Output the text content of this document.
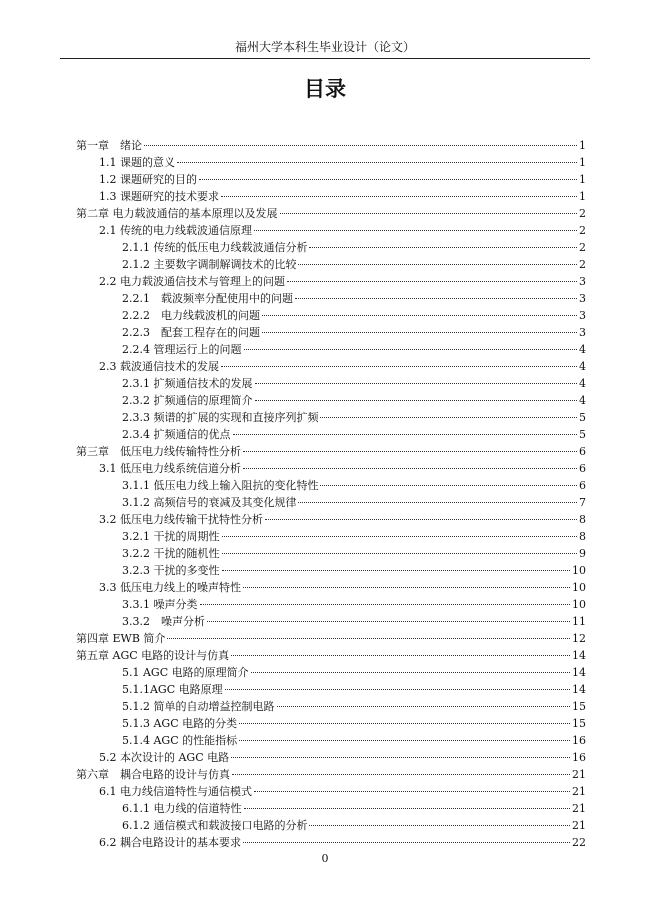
福州大学本科生毕业设计（论文）
目录
第一章　绪论	1
1.1 课题的意义	1
1.2 课题研究的目的	1
1.3 课题研究的技术要求	1
第二章 电力载波通信的基本原理以及发展	2
2.1 传统的电力线载波通信原理	2
2.1.1 传统的低压电力线载波通信分析	2
2.1.2 主要数字调制解调技术的比较	2
2.2 电力载波通信技术与管理上的问题	3
2.2.1　载波频率分配使用中的问题	3
2.2.2　电力线载波机的问题	3
2.2.3　配套工程存在的问题	3
2.2.4 管理运行上的问题	4
2.3 载波通信技术的发展	4
2.3.1 扩频通信技术的发展	4
2.3.2 扩频通信的原理简介	4
2.3.3 频谱的扩展的实现和直接序列扩频	5
2.3.4 扩频通信的优点	5
第三章　低压电力线传输特性分析	6
3.1 低压电力线系统信道分析	6
3.1.1 低压电力线上输入阻抗的变化特性	6
3.1.2 高频信号的衰减及其变化规律	7
3.2 低压电力线传输干扰特性分析	8
3.2.1 干扰的周期性	8
3.2.2 干扰的随机性	9
3.2.3 干扰的多变性	10
3.3 低压电力线上的噪声特性	10
3.3.1 噪声分类	10
3.3.2　噪声分析	11
第四章 EWB 简介	12
第五章 AGC 电路的设计与仿真	14
5.1 AGC 电路的原理简介	14
5.1.1AGC 电路原理	14
5.1.2 简单的自动增益控制电路	15
5.1.3 AGC 电路的分类	15
5.1.4 AGC 的性能指标	16
5.2 本次设计的 AGC 电路	16
第六章　耦合电路的设计与仿真	21
6.1 电力线信道特性与通信模式	21
6.1.1 电力线的信道特性	21
6.1.2 通信模式和载波接口电路的分析	21
6.2 耦合电路设计的基本要求	22
0
